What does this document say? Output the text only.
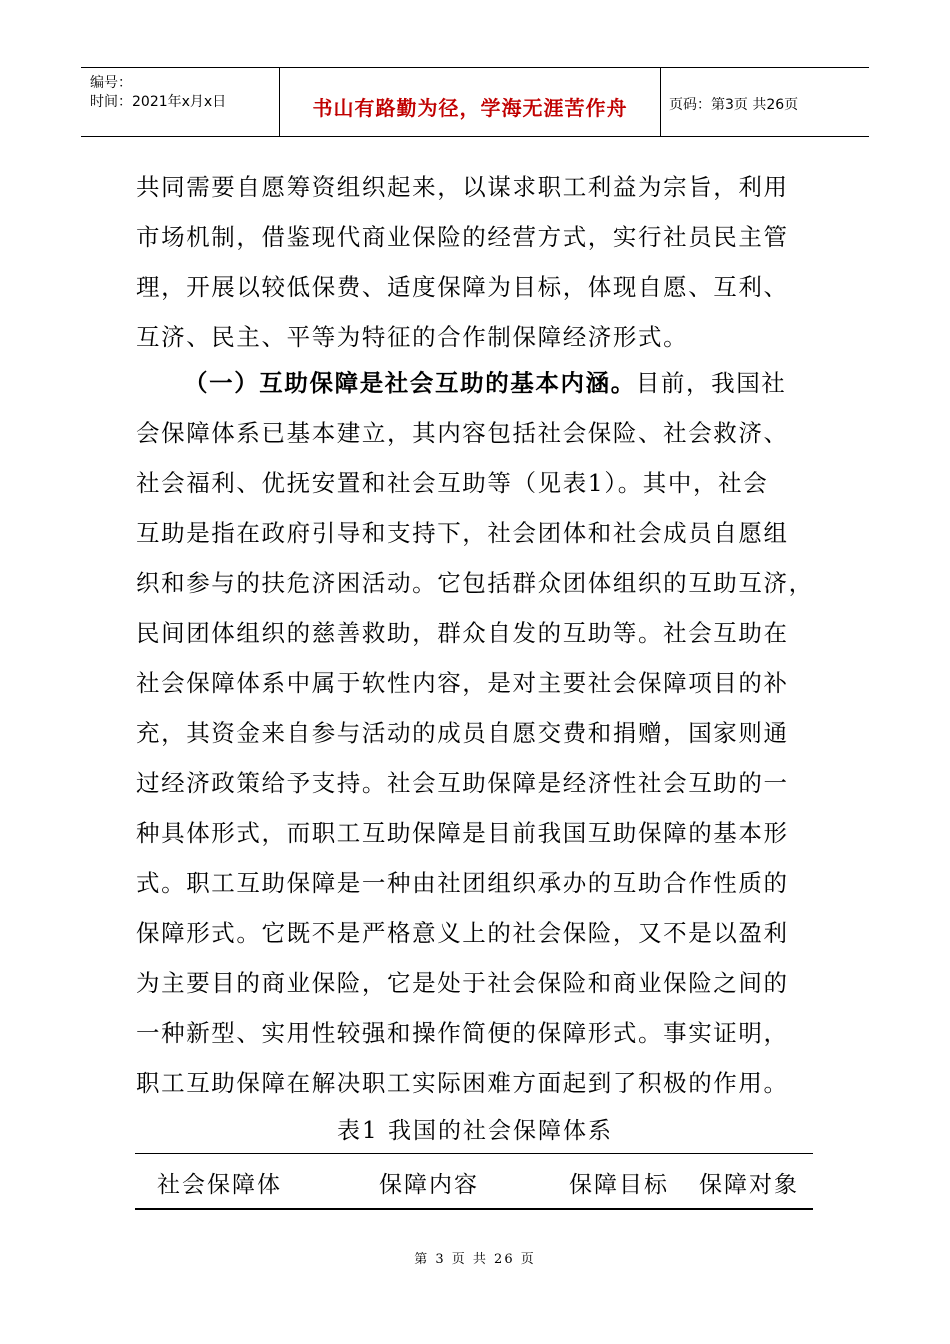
编号：
时间：2021年x月x日	书山有路勤为径，学海无涯苦作舟	页码：第3页 共26页
共同需要自愿筹资组织起来，以谋求职工利益为宗旨，利用
市场机制，借鉴现代商业保险的经营方式，实行社员民主管
理，开展以较低保费、适度保障为目标，体现自愿、互利、
互济、民主、平等为特征的合作制保障经济形式。
（一）互助保障是社会互助的基本内涵。目前，我国社
会保障体系已基本建立，其内容包括社会保险、社会救济、
社会福利、优抚安置和社会互助等（见表1）。其中，社会
互助是指在政府引导和支持下，社会团体和社会成员自愿组
织和参与的扶危济困活动。它包括群众团体组织的互助互济，
民间团体组织的慈善救助，群众自发的互助等。社会互助在
社会保障体系中属于软性内容，是对主要社会保障项目的补
充，其资金来自参与活动的成员自愿交费和捐赠，国家则通
过经济政策给予支持。社会互助保障是经济性社会互助的一
种具体形式，而职工互助保障是目前我国互助保障的基本形
式。职工互助保障是一种由社团组织承办的互助合作性质的
保障形式。它既不是严格意义上的社会保险，又不是以盈利
为主要目的商业保险，它是处于社会保险和商业保险之间的
一种新型、实用性较强和操作简便的保障形式。事实证明，
职工互助保障在解决职工实际困难方面起到了积极的作用。
表1 我国的社会保障体系
社会保障体	保障内容	保障目标 保障对象
第 3 页 共 26 页
